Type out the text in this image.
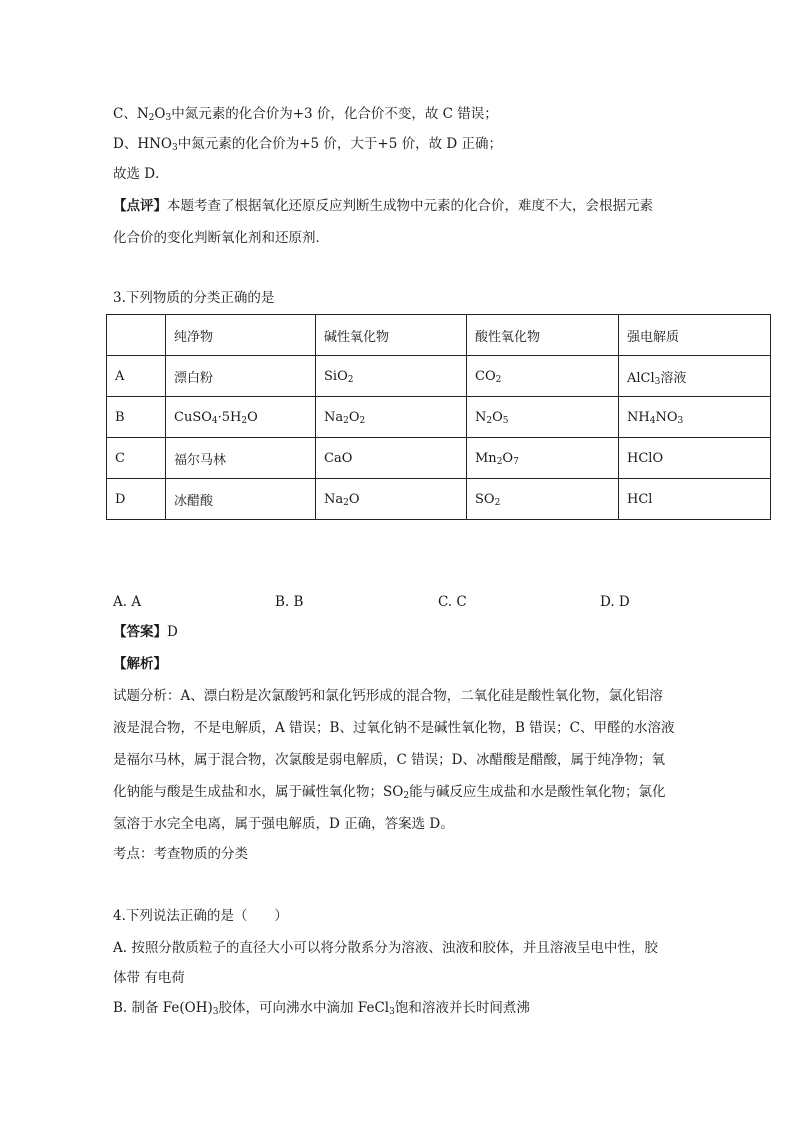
C、$N_2O_3$中氮元素的化合价为+3 价，化合价不变，故 C 错误；
D、$HNO_3$中氮元素的化合价为+5 价，大于+5 价，故 D 正确；
故选 D．
【点评】本题考查了根据氧化还原反应判断生成物中元素的化合价，难度不大，会根据元素
化合价的变化判断氧化剂和还原剂．
3.下列物质的分类正确的是
	纯净物	碱性氧化物	酸性氧化物	强电解质
A	漂白粉	SiO$_2$	$CO_2$	AlCl$_3$溶液
B	$CuSO_4\cdot 5H_2O$	$Na_2O_2$	$N_2O_5$	$NH_4NO_3$
C	福尔马林	CaO	$Mn_2O_7$	HClO
D	冰醋酸	$Na_2O$	$SO_2$	HCl
A. A	B. B	C. C	D. D
【答案】D
【解析】
试题分析：A、漂白粉是次氯酸钙和氯化钙形成的混合物，二氧化硅是酸性氧化物，氯化铝溶
液是混合物，不是电解质，A 错误；B、过氧化钠不是碱性氧化物，B 错误；C、甲醛的水溶液
是福尔马林，属于混合物，次氯酸是弱电解质，C 错误；D、冰醋酸是醋酸，属于纯净物；氧
化钠能与酸是生成盐和水，属于碱性氧化物；$SO_2$能与碱反应生成盐和水是酸性氧化物；氯化
氢溶于水完全电离，属于强电解质，D 正确，答案选 D。
考点：考查物质的分类
4.下列说法正确的是（　　）
A. 按照分散质粒子的直径大小可以将分散系分为溶液、浊液和胶体，并且溶液呈电中性，胶
体带 有电荷
B. 制备 $Fe(OH)_3$胶体，可向沸水中滴加 FeCl$_3$饱和溶液并长时间煮沸
